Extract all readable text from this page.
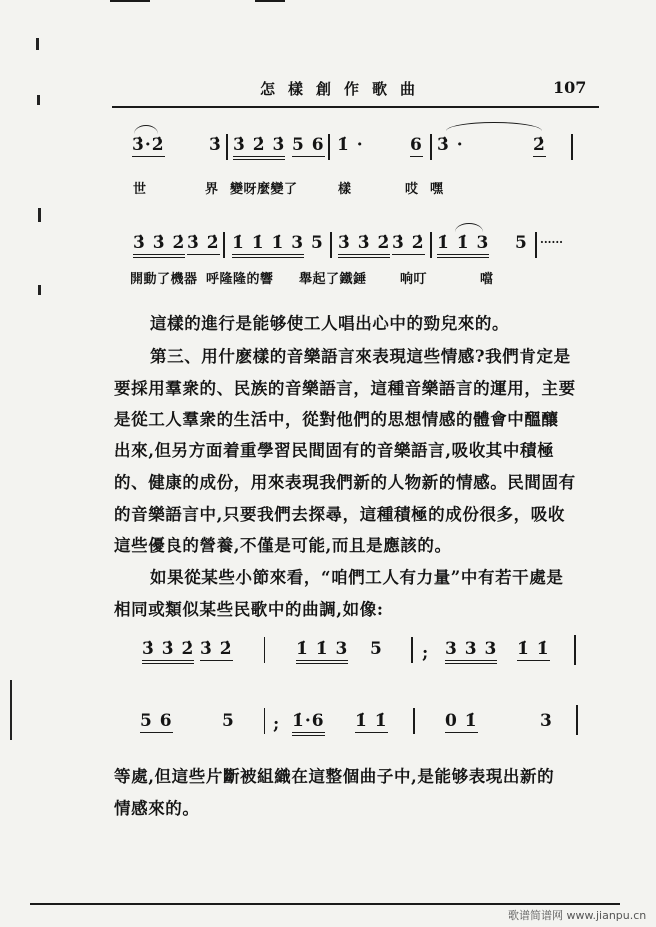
怎樣創作歌曲	107
3̇·2̇	3̇ 3̇ 2̇ 3̇ 5 6 1̇ ·	6 3̇ ·	2̇
世	界 變呀麼變了	樣	哎 嘿
3̇ 3̇ 2̇ 3̇ 2̇ 1̇ 1̇ 1̇ 3 5 3̇ 3̇ 2̇ 3̇ 2̇ 1̇ 1̇ 3 5 ······
開動了機器 呼隆隆的響 舉起了鐵錘	响叮	噹
這樣的進行是能够使工人唱出心中的勁兒來的。
第三、用什麽樣的音樂語言來表現這些情感?我們肯定是
要採用羣衆的、民族的音樂語言，這種音樂語言的運用，主要
是從工人羣衆的生活中，從對他們的思想情感的體會中醞釀
出來,但另方面着重學習民間固有的音樂語言,吸收其中積極
的、健康的成份，用來表現我們新的人物新的情感。民間固有
的音樂語言中,只要我們去探尋，這種積極的成份很多，吸收
這些優良的營養,不僅是可能,而且是應該的。
如果從某些小節來看，“咱們工人有力量”中有若干處是
相同或類似某些民歌中的曲調,如像:
3̇ 3̇ 2̇ 3̇ 2̇	1̇ 1̇ 3 5 ; 3 3 3 1̇ 1̇
5 6	5 ; 1̇·6 1̇ 1̇	0 1̇	3
等處,但這些片斷被組織在這整個曲子中,是能够表現出新的
情感來的。
歌谱简谱网 www.jianpu.cn
